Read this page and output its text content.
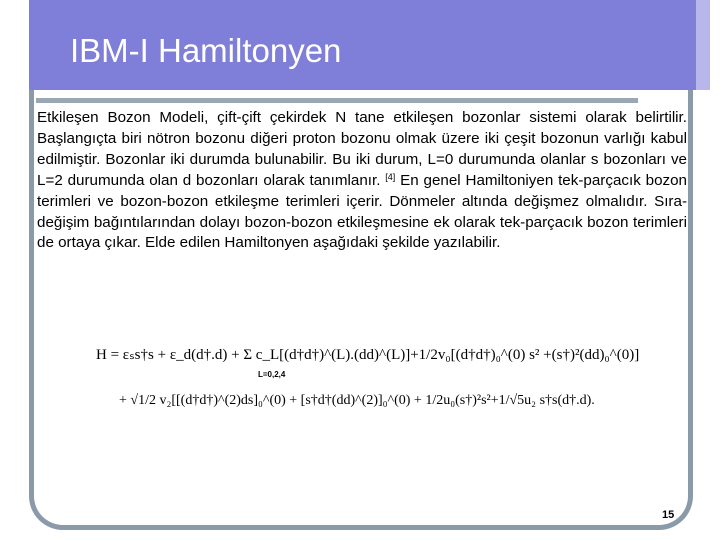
IBM-I Hamiltonyen

Etkileşen Bozon Modeli, çift-çift çekirdek N tane etkileşen bozonlar sistemi olarak belirtilir. Başlangıçta biri nötron bozonu diğeri proton bozonu olmak üzere iki çeşit bozonun varlığı kabul edilmiştir. Bozonlar iki durumda bulunabilir. Bu iki durum, L=0 durumunda olanlar s bozonları ve L=2 durumunda olan d bozonları olarak tanımlanır. [4] En genel Hamiltoniyen tek-parçacık bozon terimleri ve bozon-bozon etkileşme terimleri içerir. Dönmeler altında değişmez olmalıdır. Sıra-değişim bağıntılarından dolayı bozon-bozon etkileşmesine ek olarak tek-parçacık bozon terimleri de ortaya çıkar. Elde edilen Hamiltonyen aşağıdaki şekilde yazılabilir.

H = εₛs†s + ε_d(d†.d) + Σ c_L[(d†d†)^(L).(dd)^(L)]+1/2v₀[(d†d†)₀^(0) s² +(s†)²(dd)₀^(0)]
L=0,2,4
+ √1/2 v₂[[(d†d†)^(2)ds]₀^(0) + [s†d†(dd)^(2)]₀^(0) + 1/2u₀(s†)²s²+1/√5u₂ s†s(d†.d).
15
